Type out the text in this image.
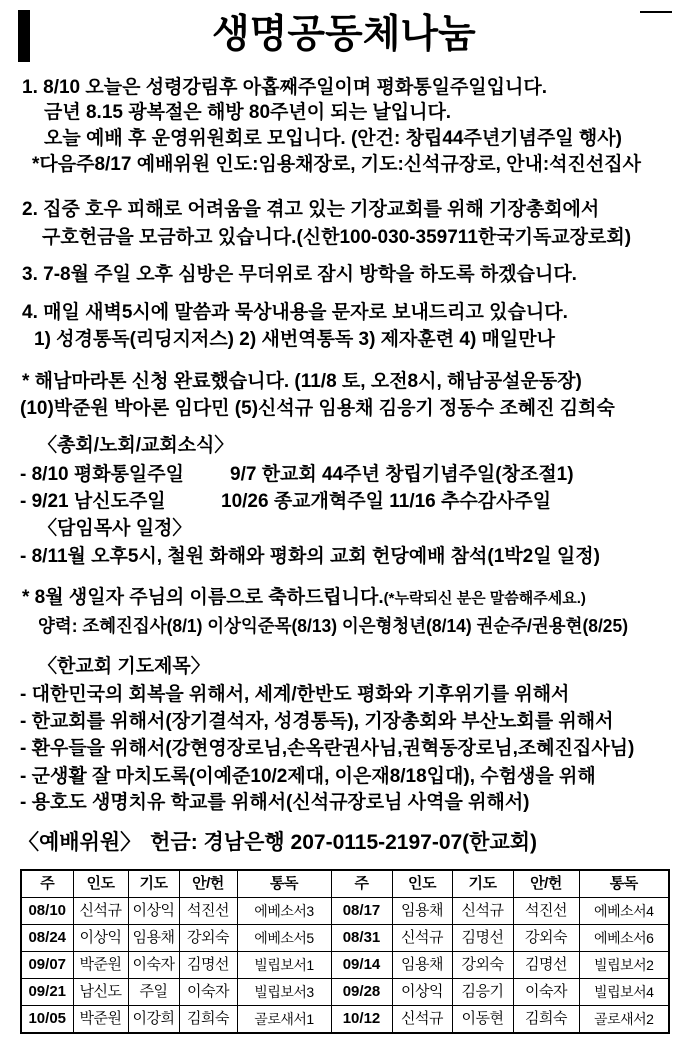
생명공동체나눔
1. 8/10 오늘은 성령강림후 아홉째주일이며 평화통일주일입니다.
금년 8.15 광복절은 해방 80주년이 되는 날입니다.
오늘 예배 후 운영위원회로 모입니다. (안건: 창립44주년기념주일 행사)
*다음주8/17 예배위원 인도:임용채장로, 기도:신석규장로, 안내:석진선집사
2. 집중 호우 피해로 어려움을 겪고 있는 기장교회를 위해 기장총회에서
구호헌금을 모금하고 있습니다.(신한100-030-359711한국기독교장로회)
3. 7-8월 주일 오후 심방은 무더위로 잠시 방학을 하도록 하겠습니다.
4. 매일 새벽5시에 말씀과 묵상내용을 문자로 보내드리고 있습니다.
1) 성경통독(리딩지저스) 2) 새번역통독 3) 제자훈련 4) 매일만나
* 해남마라톤 신청 완료했습니다. (11/8 토, 오전8시, 해남공설운동장)
(10)박준원 박아론 임다민 (5)신석규 임용채 김응기 정동수 조혜진 김희숙
〈총회/노회/교회소식〉
- 8/10 평화통일주일 9/7 한교회 44주년 창립기념주일(창조절1)
- 9/21 남신도주일	10/26 종교개혁주일 11/16 추수감사주일
〈담임목사 일정〉
- 8/11월 오후5시, 철원 화해와 평화의 교회 헌당예배 참석(1박2일 일정)
* 8월 생일자 주님의 이름으로 축하드립니다.(*누락되신 분은 말씀해주세요.)
양력: 조혜진집사(8/1) 이상익준목(8/13) 이은형청년(8/14) 권순주/권용현(8/25)
〈한교회 기도제목〉
- 대한민국의 회복을 위해서, 세계/한반도 평화와 기후위기를 위해서
- 한교회를 위해서(장기결석자, 성경통독), 기장총회와 부산노회를 위해서
- 환우들을 위해서(강현영장로님,손옥란권사님,권혁동장로님,조혜진집사님)
- 군생활 잘 마치도록(이예준10/2제대, 이은재8/18입대), 수험생을 위해
- 용호도 생명치유 학교를 위해서(신석규장로님 사역을 위해서)
〈예배위원〉 헌금: 경남은행 207-0115-2197-07(한교회)
주	인도	기도	안/헌	통독	주	인도	기도	안/헌	통독
08/10	신석규	이상익	석진선	에베소서3	08/17	임용채	신석규	석진선	에베소서4
08/24	이상익	임용채	강외숙	에베소서5	08/31	신석규	김명선	강외숙	에베소서6
09/07	박준원	이숙자	김명선	빌립보서1	09/14	임용채	강외숙	김명선	빌립보서2
09/21	남신도	주일	이숙자	빌립보서3	09/28	이상익	김응기	이숙자	빌립보서4
10/05	박준원	이강희	김희숙	골로새서1	10/12	신석규	이동현	김희숙	골로새서2
